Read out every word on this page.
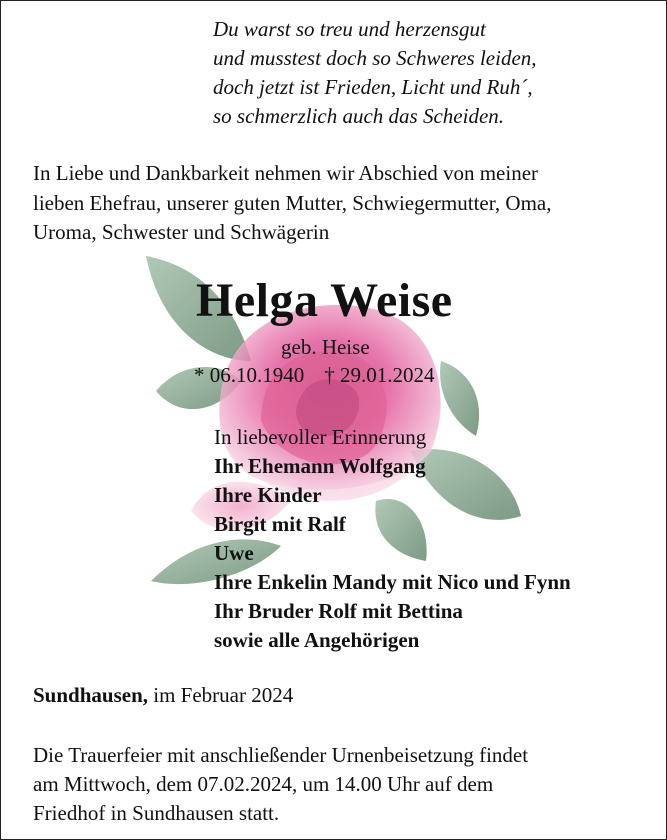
Du warst so treu und herzensgut
und musstest doch so Schweres leiden,
doch jetzt ist Frieden, Licht und Ruh´,
so schmerzlich auch das Scheiden.
In Liebe und Dankbarkeit nehmen wir Abschied von meiner
lieben Ehefrau, unserer guten Mutter, Schwiegermutter, Oma,
Uroma, Schwester und Schwägerin
Helga Weise
geb. Heise
* 06.10.1940 † 29.01.2024
In liebevoller Erinnerung
Ihr Ehemann Wolfgang
Ihre Kinder
Birgit mit Ralf
Uwe
Ihre Enkelin Mandy mit Nico und Fynn
Ihr Bruder Rolf mit Bettina
sowie alle Angehörigen
Sundhausen, im Februar 2024
Die Trauerfeier mit anschließender Urnenbeisetzung findet
am Mittwoch, dem 07.02.2024, um 14.00 Uhr auf dem
Friedhof in Sundhausen statt.
